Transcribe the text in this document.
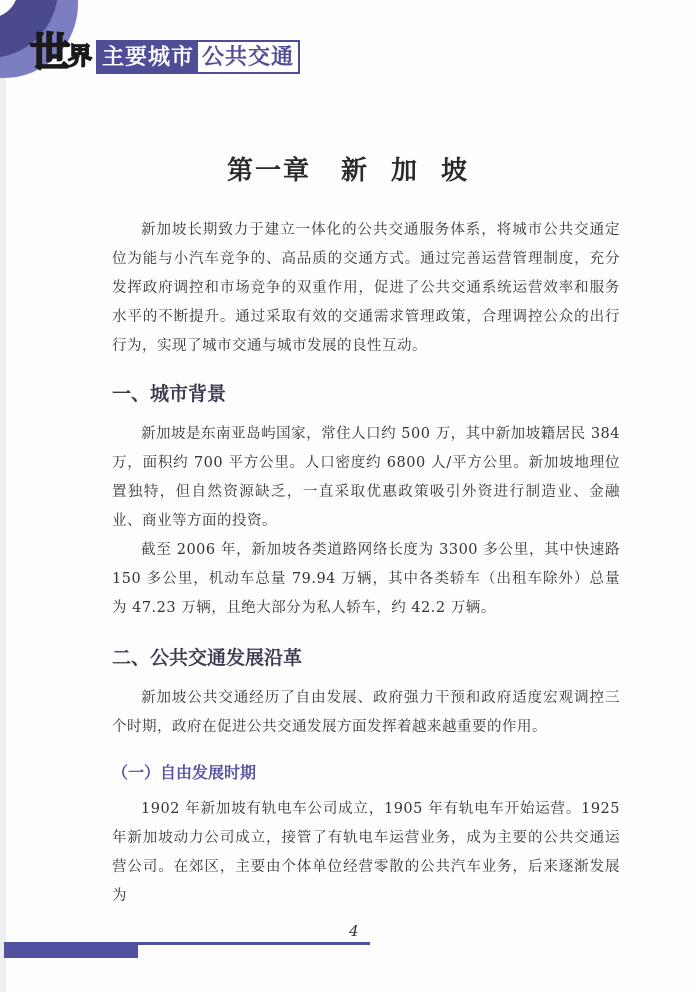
世 界 主要城市 公共交通
第一章 新 加 坡

新加坡长期致力于建立一体化的公共交通服务体系，将城市公共交通定位为能与小汽车竞争的、高品质的交通方式。通过完善运营管理制度，充分发挥政府调控和市场竞争的双重作用，促进了公共交通系统运营效率和服务水平的不断提升。通过采取有效的交通需求管理政策，合理调控公众的出行行为，实现了城市交通与城市发展的良性互动。

一、城市背景

新加坡是东南亚岛屿国家，常住人口约 500 万，其中新加坡籍居民 384 万，面积约 700 平方公里。人口密度约 6800 人/平方公里。新加坡地理位置独特，但自然资源缺乏，一直采取优惠政策吸引外资进行制造业、金融业、商业等方面的投资。

截至 2006 年，新加坡各类道路网络长度为 3300 多公里，其中快速路 150 多公里，机动车总量 79.94 万辆，其中各类轿车（出租车除外）总量为 47.23 万辆，且绝大部分为私人轿车，约 42.2 万辆。

二、公共交通发展沿革

新加坡公共交通经历了自由发展、政府强力干预和政府适度宏观调控三个时期，政府在促进公共交通发展方面发挥着越来越重要的作用。

（一）自由发展时期

1902 年新加坡有轨电车公司成立，1905 年有轨电车开始运营。1925 年新加坡动力公司成立，接管了有轨电车运营业务，成为主要的公共交通运营公司。在郊区，主要由个体单位经营零散的公共汽车业务，后来逐渐发展为

4
